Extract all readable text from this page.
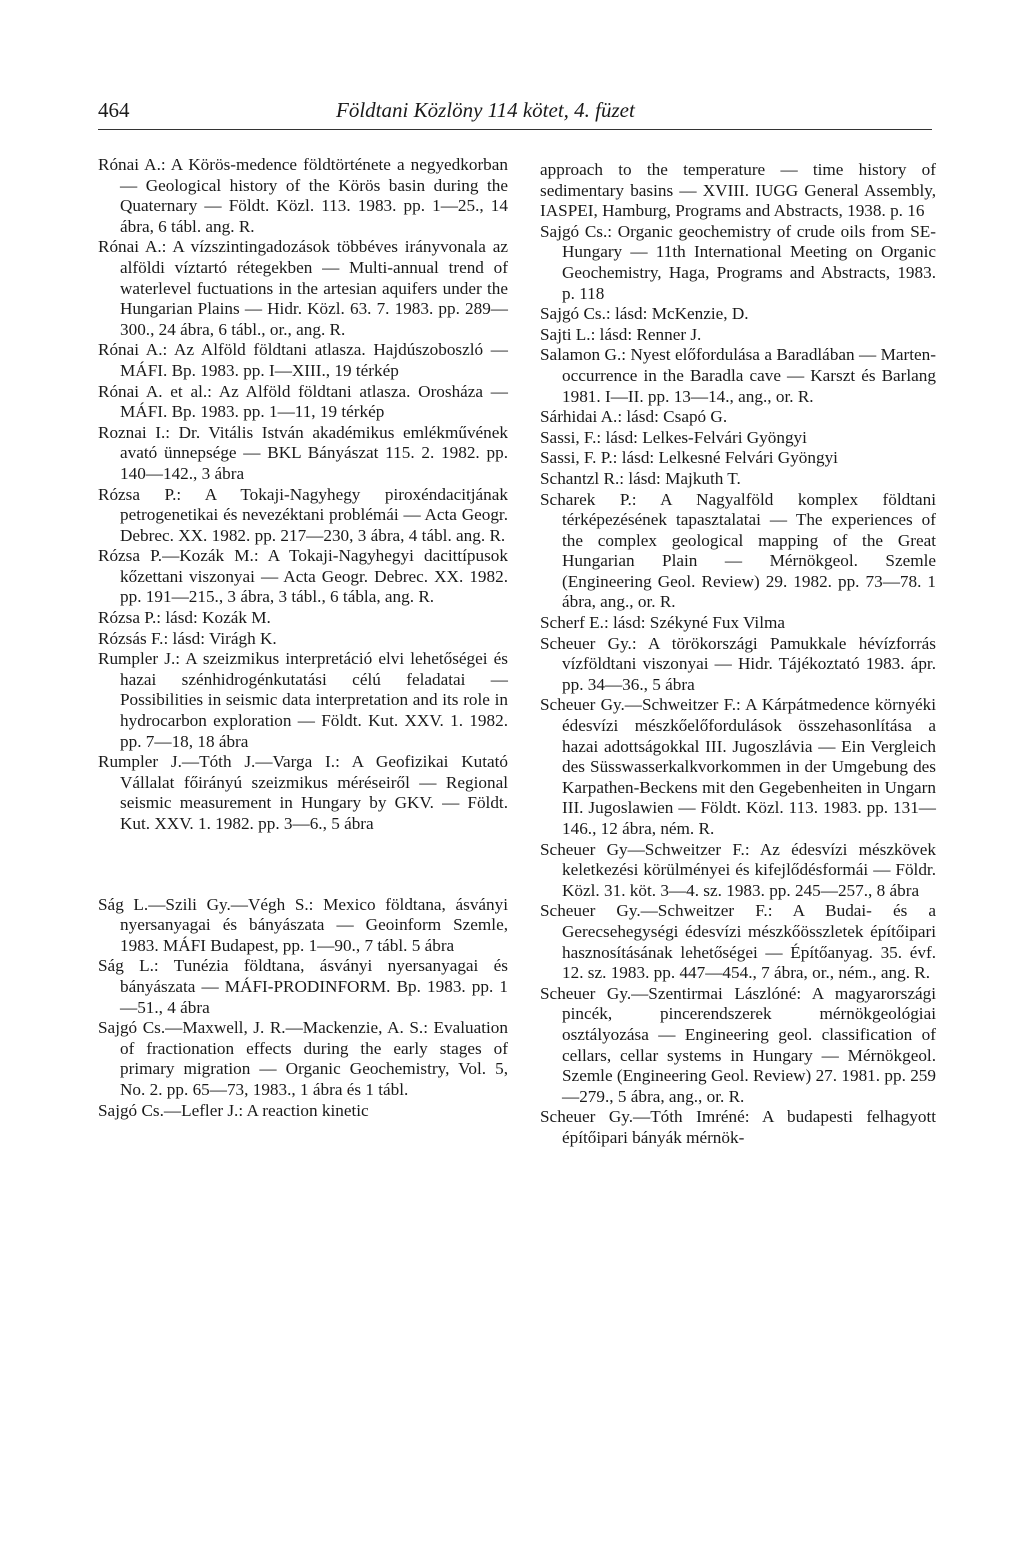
464	Földtani Közlöny 114 kötet, 4. füzet

Rónai A.: A Körös-medence földtörténete a negyedkorban — Geological history of the Körös basin during the Quaternary — Földt. Közl. 113. 1983. pp. 1—25., 14 ábra, 6 tábl. ang. R.

Rónai A.: A vízszintingadozások többéves irányvonala az alföldi víztartó rétegekben — Multi-annual trend of waterlevel fuctuations in the artesian aquifers under the Hungarian Plains — Hidr. Közl. 63. 7. 1983. pp. 289—300., 24 ábra, 6 tábl., or., ang. R.

Rónai A.: Az Alföld földtani atlasza. Hajdúszoboszló — MÁFI. Bp. 1983. pp. I—XIII., 19 térkép

Rónai A. et al.: Az Alföld földtani atlasza. Orosháza — MÁFI. Bp. 1983. pp. 1—11, 19 térkép

Roznai I.: Dr. Vitális István akadémikus emlékművének avató ünnepsége — BKL Bányászat 115. 2. 1982. pp. 140—142., 3 ábra

Rózsa P.: A Tokaji-Nagyhegy piroxéndacitjának petrogenetikai és nevezéktani problémái — Acta Geogr. Debrec. XX. 1982. pp. 217—230, 3 ábra, 4 tábl. ang. R.

Rózsa P.—Kozák M.: A Tokaji-Nagyhegyi dacittípusok kőzettani viszonyai — Acta Geogr. Debrec. XX. 1982. pp. 191—215., 3 ábra, 3 tábl., 6 tábla, ang. R.

Rózsa P.: lásd: Kozák M.

Rózsás F.: lásd: Virágh K.

Rumpler J.: A szeizmikus interpretáció elvi lehetőségei és hazai szénhidrogénkutatási célú feladatai — Possibilities in seismic data interpretation and its role in hydrocarbon exploration — Földt. Kut. XXV. 1. 1982. pp. 7—18, 18 ábra

Rumpler J.—Tóth J.—Varga I.: A Geofizikai Kutató Vállalat főirányú szeizmikus méréseiről — Regional seismic measurement in Hungary by GKV. — Földt. Kut. XXV. 1. 1982. pp. 3—6., 5 ábra

Ság L.—Szili Gy.—Végh S.: Mexico földtana, ásványi nyersanyagai és bányászata — Geoinform Szemle, 1983. MÁFI Budapest, pp. 1—90., 7 tábl. 5 ábra

Ság L.: Tunézia földtana, ásványi nyersanyagai és bányászata — MÁFI-PRODINFORM. Bp. 1983. pp. 1—51., 4 ábra

Sajgó Cs.—Maxwell, J. R.—Mackenzie, A. S.: Evaluation of fractionation effects during the early stages of primary migration — Organic Geochemistry, Vol. 5, No. 2. pp. 65—73, 1983., 1 ábra és 1 tábl.

Sajgó Cs.—Lefler J.: A reaction kinetic

approach to the temperature — time history of sedimentary basins — XVIII. IUGG General Assembly, IASPEI, Hamburg, Programs and Abstracts, 1938. p. 16

Sajgó Cs.: Organic geochemistry of crude oils from SE-Hungary — 11th International Meeting on Organic Geochemistry, Haga, Programs and Abstracts, 1983. p. 118

Sajgó Cs.: lásd: McKenzie, D.

Sajti L.: lásd: Renner J.

Salamon G.: Nyest előfordulása a Baradlában — Marten-occurrence in the Baradla cave — Karszt és Barlang 1981. I—II. pp. 13—14., ang., or. R.

Sárhidai A.: lásd: Csapó G.

Sassi, F.: lásd: Lelkes-Felvári Gyöngyi

Sassi, F. P.: lásd: Lelkesné Felvári Gyöngyi

Schantzl R.: lásd: Majkuth T.

Scharek P.: A Nagyalföld komplex földtani térképezésének tapasztalatai — The experiences of the complex geological mapping of the Great Hungarian Plain — Mérnökgeol. Szemle (Engineering Geol. Review) 29. 1982. pp. 73—78. 1 ábra, ang., or. R.

Scherf E.: lásd: Székyné Fux Vilma

Scheuer Gy.: A törökországi Pamukkale hévízforrás vízföldtani viszonyai — Hidr. Tájékoztató 1983. ápr. pp. 34—36., 5 ábra

Scheuer Gy.—Schweitzer F.: A Kárpátmedence környéki édesvízi mészkőelőfordulások összehasonlítása a hazai adottságokkal III. Jugoszlávia — Ein Vergleich des Süsswasserkalkvorkommen in der Umgebung des Karpathen-Beckens mit den Gegebenheiten in Ungarn III. Jugoslawien — Földt. Közl. 113. 1983. pp. 131—146., 12 ábra, ném. R.

Scheuer Gy—Schweitzer F.: Az édesvízi mészkövek keletkezési körülményei és kifejlődésformái — Földr. Közl. 31. köt. 3—4. sz. 1983. pp. 245—257., 8 ábra

Scheuer Gy.—Schweitzer F.: A Budai- és a Gerecsehegységi édesvízi mészkőösszletek építőipari hasznosításának lehetőségei — Építőanyag. 35. évf. 12. sz. 1983. pp. 447—454., 7 ábra, or., ném., ang. R.

Scheuer Gy.—Szentirmai Lászlóné: A magyarországi pincék, pincerendszerek mérnökgeológiai osztályozása — Engineering geol. classification of cellars, cellar systems in Hungary — Mérnökgeol. Szemle (Engineering Geol. Review) 27. 1981. pp. 259—279., 5 ábra, ang., or. R.

Scheuer Gy.—Tóth Imréné: A budapesti felhagyott építőipari bányák mérnök-
